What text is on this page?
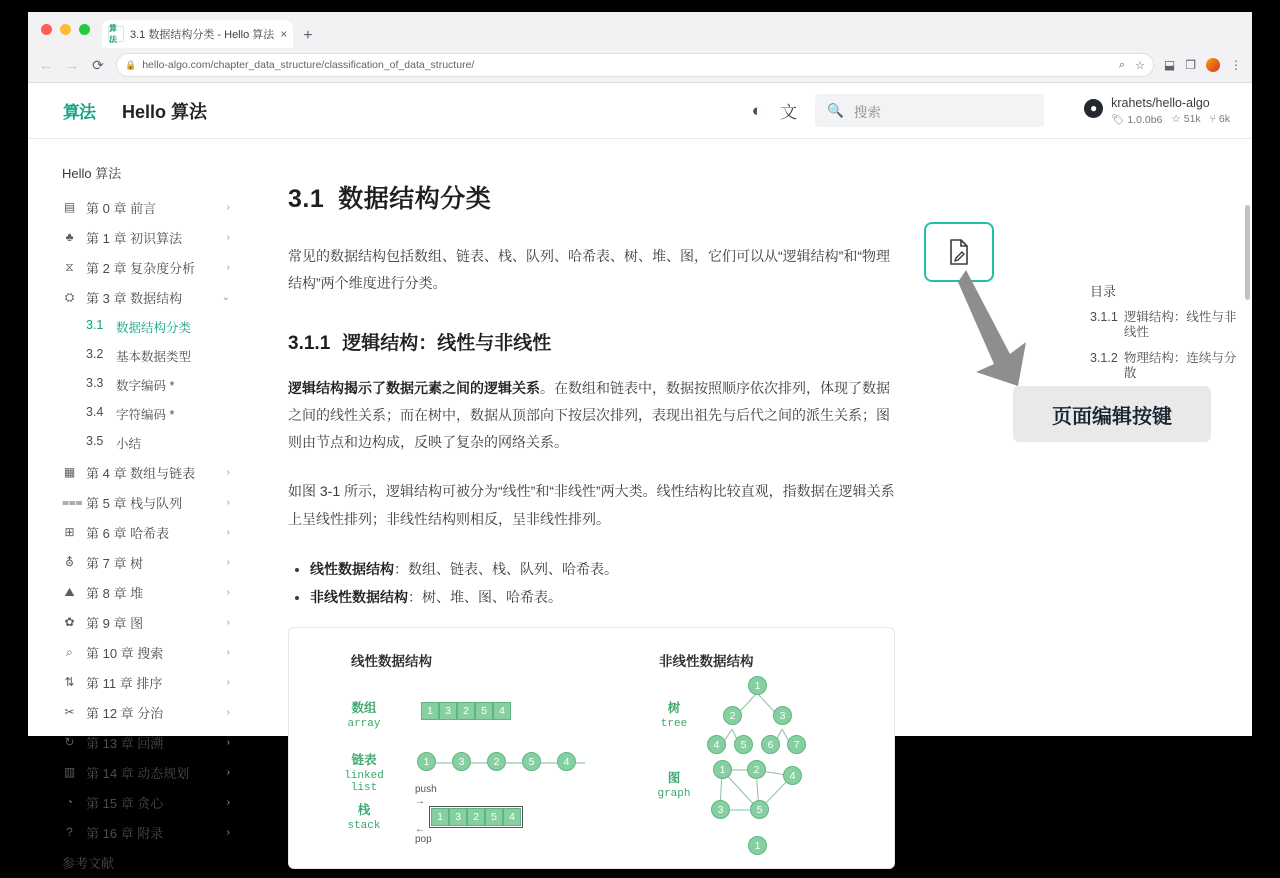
算法	3.1 数据结构分类 - Hello 算法 × +
← → ⟳ 🔒 hello-algo.com/chapter_data_structure/classification_of_data_structure/	⌕ ☆ ⬓ ❐	⋮
算法	Hello 算法	◐ 文 🔍 搜索	●	krahets/hello-algo
🏷 1.0.0b6 ☆ 51k ⑂ 6k
Hello 算法
▤ 第 0 章 前言	›
♣ 第 1 章 初识算法	›
⧖ 第 2 章 复杂度分析	›
⛭ 第 3 章 数据结构	⌄
3.1	数据结构分类
3.2	基本数据类型
3.3	数字编码 *
3.4	字符编码 *
3.5	小结
▦ 第 4 章 数组与链表	›
⩶ 第 5 章 栈与队列	›
⊞ 第 6 章 哈希表	›
⛢ 第 7 章 树	›
⛰ 第 8 章 堆	›
✿ 第 9 章 图	›
⌕	第 10 章 搜索	›
⇅ 第 11 章 排序	›
✂ 第 12 章 分治	›
↻ 第 13 章 回溯	›
▥ 第 14 章 动态规划	›
◔ 第 15 章 贪心	›
?	第 16 章 附录	›
参考文献
3.1 数据结构分类

常见的数据结构包括数组、链表、栈、队列、哈希表、树、堆、图，它们可以从“逻辑结构”和“物理结构”两个维度进行分类。

3.1.1 逻辑结构：线性与非线性

逻辑结构揭示了数据元素之间的逻辑关系。在数组和链表中，数据按照顺序依次排列，体现了数据之间的线性关系；而在树中，数据从顶部向下按层次排列，表现出祖先与后代之间的派生关系；图则由节点和边构成，反映了复杂的网络关系。

如图 3-1 所示，逻辑结构可被分为“线性”和“非线性”两大类。线性结构比较直观，指数据在逻辑关系上呈线性排列；非线性结构则相反，呈非线性排列。

• 线性数据结构：数组、链表、栈、队列、哈希表。
• 非线性数据结构：树、堆、图、哈希表。
线性数据结构	非线性数据结构
数组
array
1	3	2	5	4
链表
linked list
1	3	2	5	4
栈
stack
push
→
1	3	2	5	4
←
pop
树
tree
1
2	3
4	5	6	7
图
graph
1	2	4
3	5
1
目录
3.1.1 逻辑结构：线性与非线性
3.1.2 物理结构：连续与分散
页面编辑按键
